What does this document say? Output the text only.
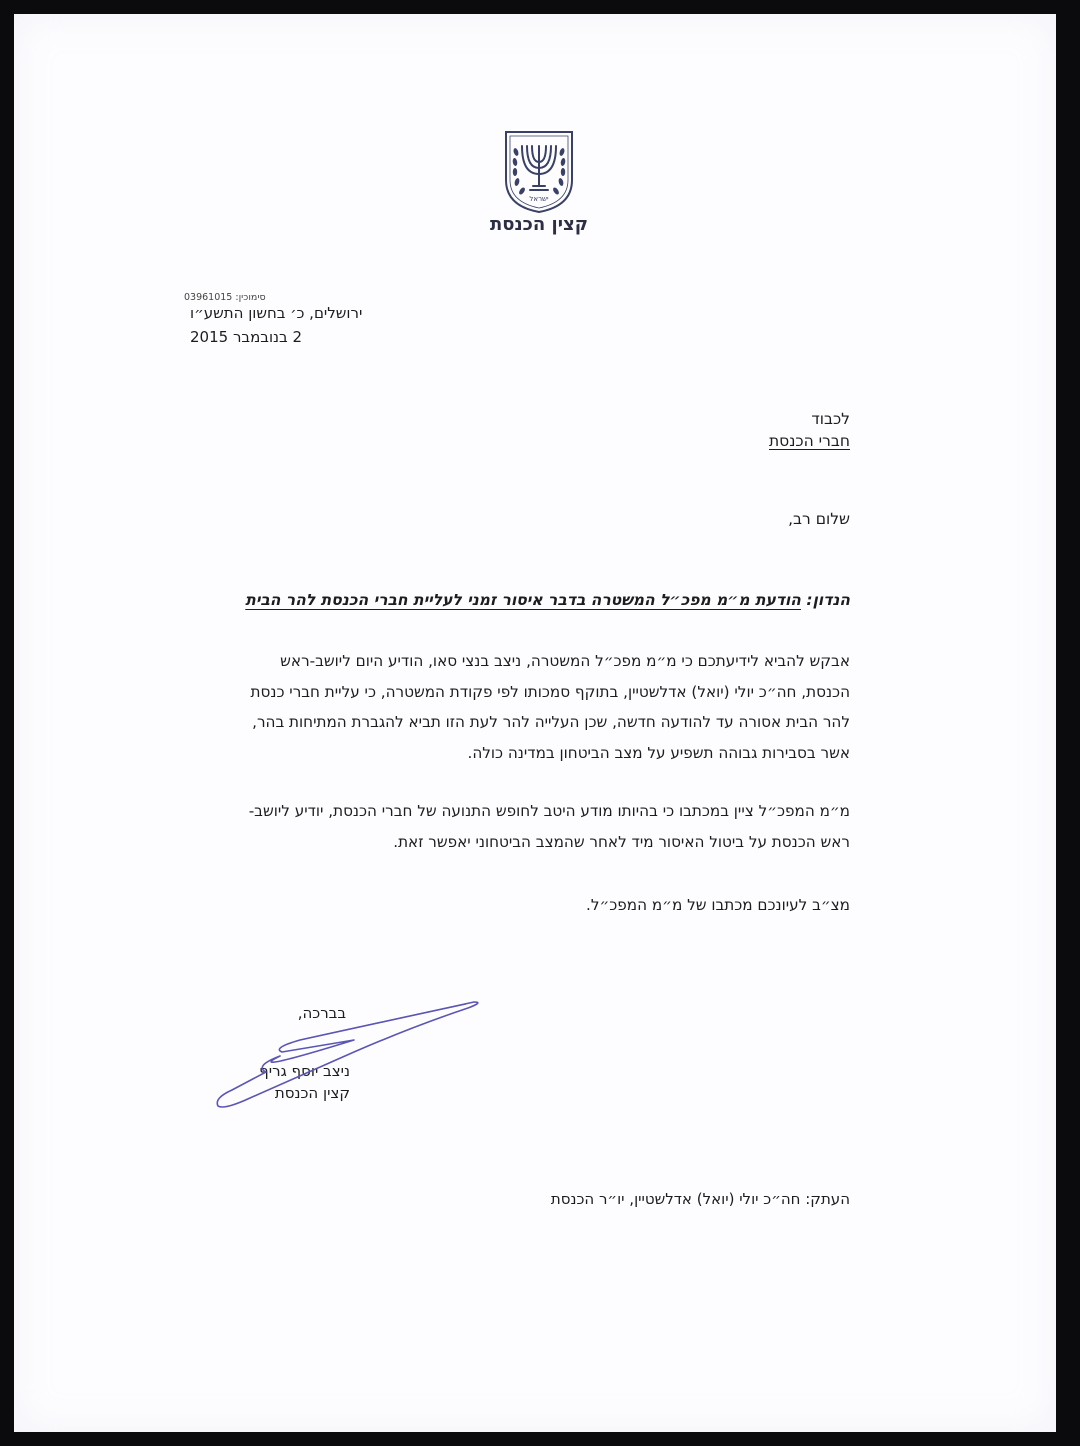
ישראל
קצין הכנסת
סימוכין: 03961015
ירושלים, כ׳ בחשון התשע״ו
2 בנובמבר 2015
לכבוד
חברי הכנסת
שלום רב,
הנדון: הודעת מ״מ מפכ״ל המשטרה בדבר איסור זמני לעליית חברי הכנסת להר הבית
אבקש להביא לידיעתכם כי מ״מ מפכ״ל המשטרה, ניצב בנצי סאו, הודיע היום ליושב-ראש
הכנסת, חה״כ יולי (יואל) אדלשטיין, בתוקף סמכותו לפי פקודת המשטרה, כי עליית חברי כנסת
להר הבית אסורה עד להודעה חדשה, שכן העלייה להר לעת הזו תביא להגברת המתיחות בהר,
אשר בסבירות גבוהה תשפיע על מצב הביטחון במדינה כולה.
מ״מ המפכ״ל ציין במכתבו כי בהיותו מודע היטב לחופש התנועה של חברי הכנסת, יודיע ליושב-
ראש הכנסת על ביטול האיסור מיד לאחר שהמצב הביטחוני יאפשר זאת.
מצ״ב לעיונכם מכתבו של מ״מ המפכ״ל.
בברכה,
ניצב יוסף גריף
קצין הכנסת
העתק: חה״כ יולי (יואל) אדלשטיין, יו״ר הכנסת
